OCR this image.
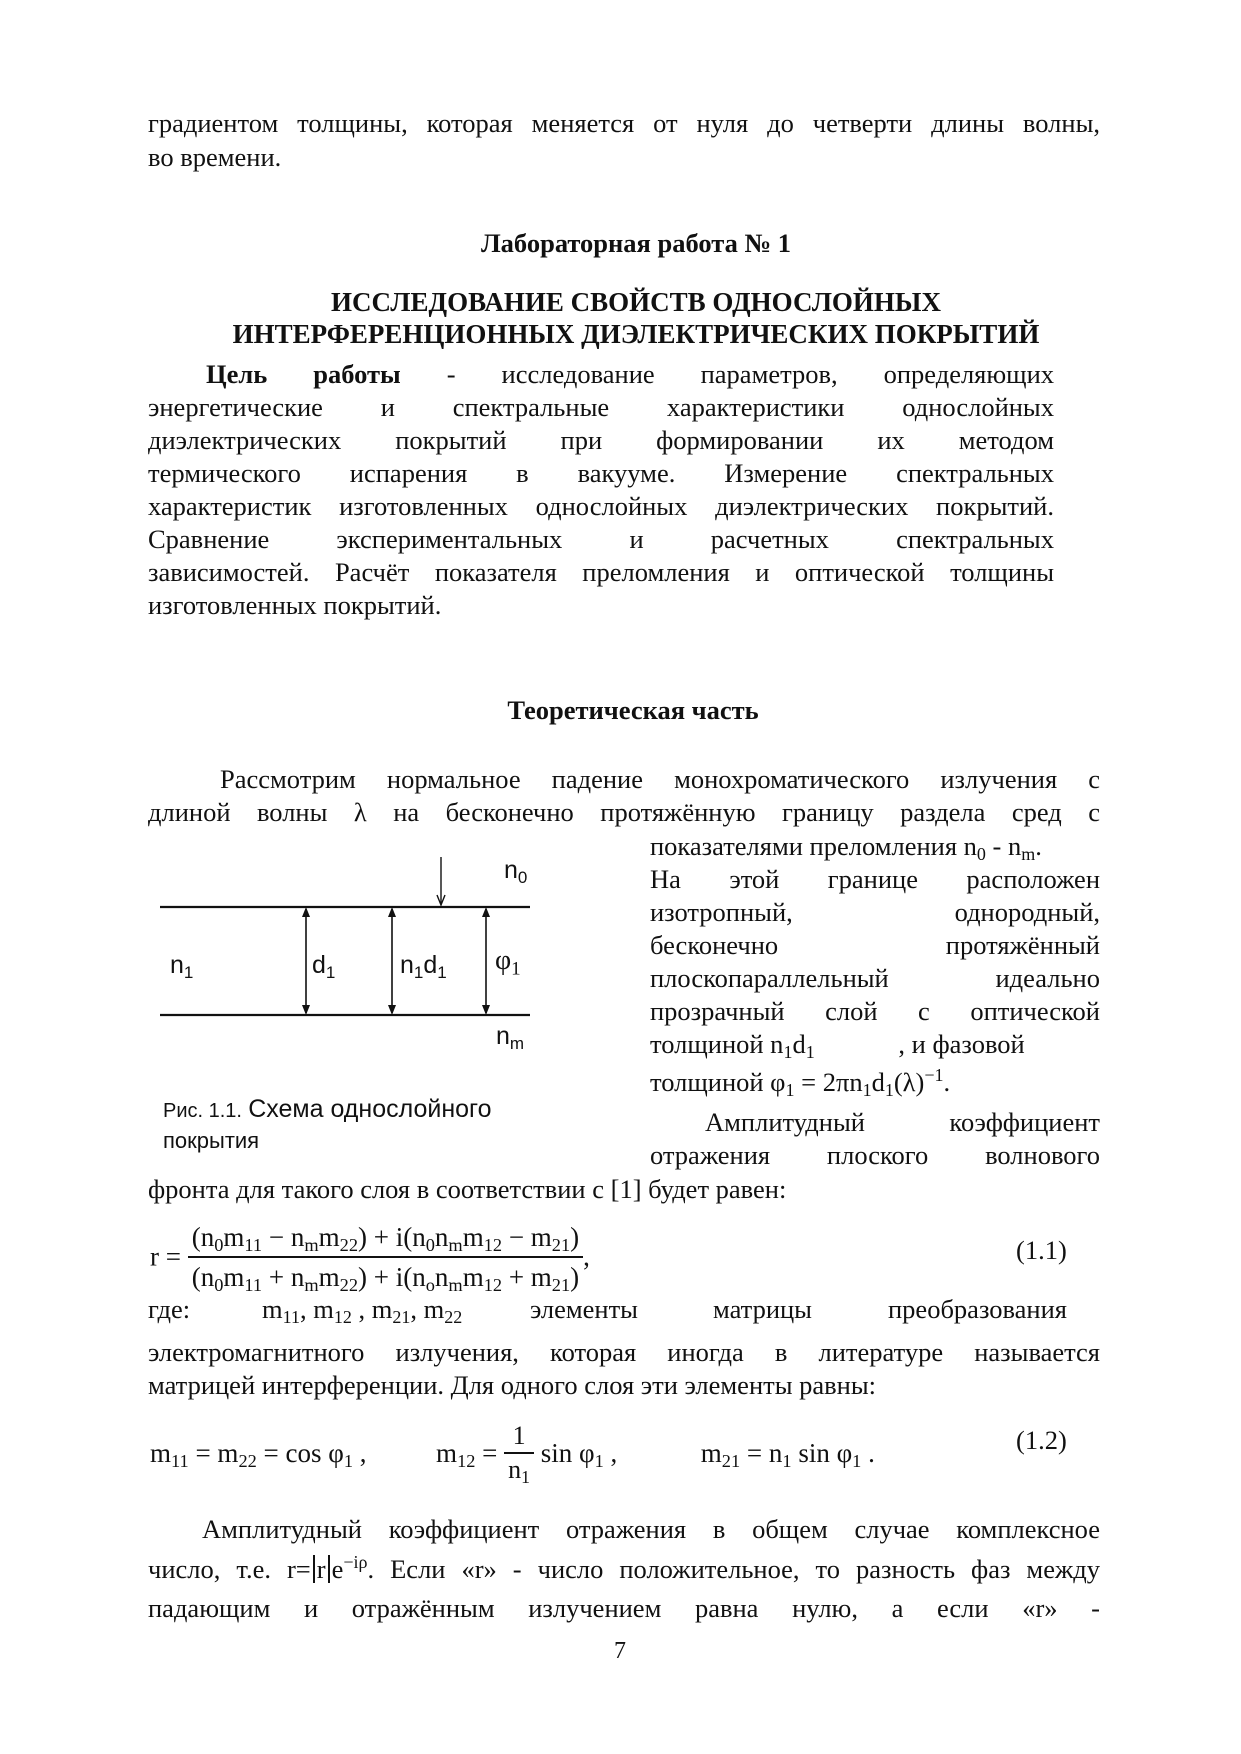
градиентом толщины, которая меняется от нуля до четверти длины волны,
во времени.
Лабораторная работа № 1
ИССЛЕДОВАНИЕ СВОЙСТВ ОДНОСЛОЙНЫХ
ИНТЕРФЕРЕНЦИОННЫХ ДИЭЛЕКТРИЧЕСКИХ ПОКРЫТИЙ
Цель работы - исследование параметров, определяющих
энергетические и спектральные характеристики однослойных
диэлектрических покрытий при формировании их методом
термического испарения в вакууме. Измерение спектральных
характеристик изготовленных однослойных диэлектрических покрытий.
Сравнение экспериментальных и расчетных спектральных
зависимостей. Расчёт показателя преломления и оптической толщины
изготовленных покрытий.
Теоретическая часть
Рассмотрим нормальное падение монохроматического излучения с
длиной волны λ на бесконечно протяжённую границу раздела сред с
показателями преломления $n_0 - n_m$.
На этой границе расположен
изотропный, однородный,
бесконечно протяжённый
плоскопараллельный идеально
прозрачный слой с оптической
толщиной $n_1d_1$	, и фазовой
толщиной $\varphi_1 = 2\pi n_1d_1(\lambda)^{-1}$.
Амплитудный коэффициент
отражения плоского волнового
$n_0$
$n_1$	$d_1$	$n_1d_1$ $\varphi_1$
$n_m$
Рис. 1.1. Схема однослойного
покрытия
фронта для такого слоя в соответствии с [1] будет равен:
$r = \frac{(n_0m_{11} - n_mm_{22}) + i(n_0n_mm_{12} - m_{21})}{(n_0m_{11} + n_mm_{22}) + i(n_on_mm_{12} + m_{21})}$ ,	(1.1)
где:	$m_{11}$, $m_{12}$ , $m_{21}$, $m_{22}$	элементы	матрицы	преобразования
электромагнитного излучения, которая иногда в литературе называется
матрицей интерференции. Для одного слоя эти элементы равны:
$m_{11} = m_{22} = \cos \varphi_1$ ,	$m_{12} = \frac{1}{n_1}$ $\sin \varphi_1$ ,	$m_{21} = n_1$ $\sin \varphi_1$ .	(1.2)
Амплитудный коэффициент отражения в общем случае комплексное
число, т.е. r= r $e^{-i\rho}$. Если «r» - число положительное, то разность фаз между
падающим и отражённым излучением равна нулю, а если «r» -
7
